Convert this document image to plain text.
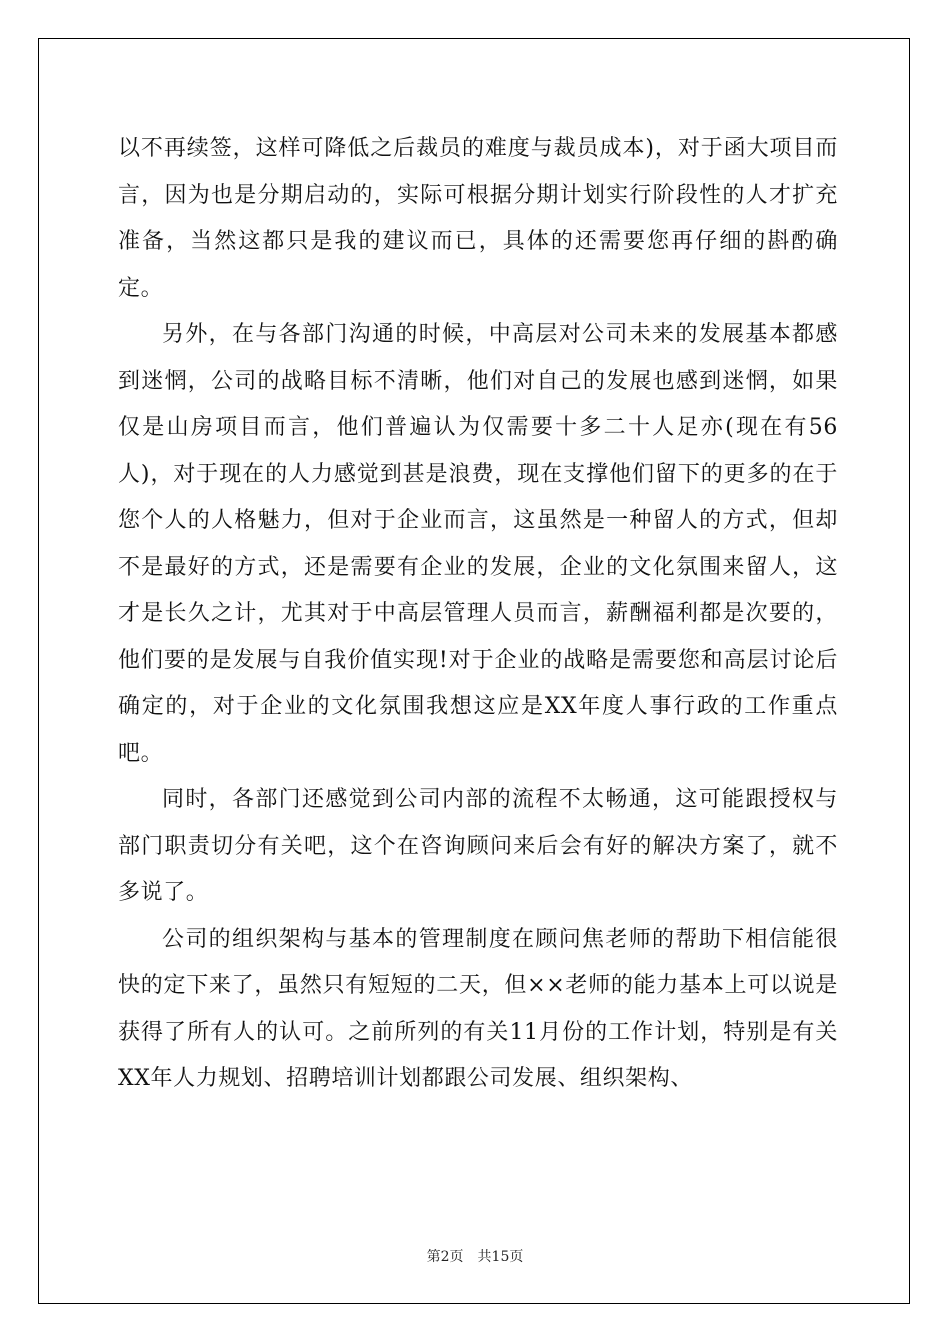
以不再续签，这样可降低之后裁员的难度与裁员成本)，对于函大项目而言，因为也是分期启动的，实际可根据分期计划实行阶段性的人才扩充准备，当然这都只是我的建议而已，具体的还需要您再仔细的斟酌确定。

另外，在与各部门沟通的时候，中高层对公司未来的发展基本都感到迷惘，公司的战略目标不清晰，他们对自己的发展也感到迷惘，如果仅是山房项目而言，他们普遍认为仅需要十多二十人足亦(现在有56人)，对于现在的人力感觉到甚是浪费，现在支撑他们留下的更多的在于您个人的人格魅力，但对于企业而言，这虽然是一种留人的方式，但却不是最好的方式，还是需要有企业的发展，企业的文化氛围来留人，这才是长久之计，尤其对于中高层管理人员而言，薪酬福利都是次要的，他们要的是发展与自我价值实现!对于企业的战略是需要您和高层讨论后确定的，对于企业的文化氛围我想这应是XX年度人事行政的工作重点吧。

同时，各部门还感觉到公司内部的流程不太畅通，这可能跟授权与部门职责切分有关吧，这个在咨询顾问来后会有好的解决方案了，就不多说了。

公司的组织架构与基本的管理制度在顾问焦老师的帮助下相信能很快的定下来了，虽然只有短短的二天，但××老师的能力基本上可以说是获得了所有人的认可。之前所列的有关11月份的工作计划，特别是有关XX年人力规划、招聘培训计划都跟公司发展、组织架构、

第2页 共15页
